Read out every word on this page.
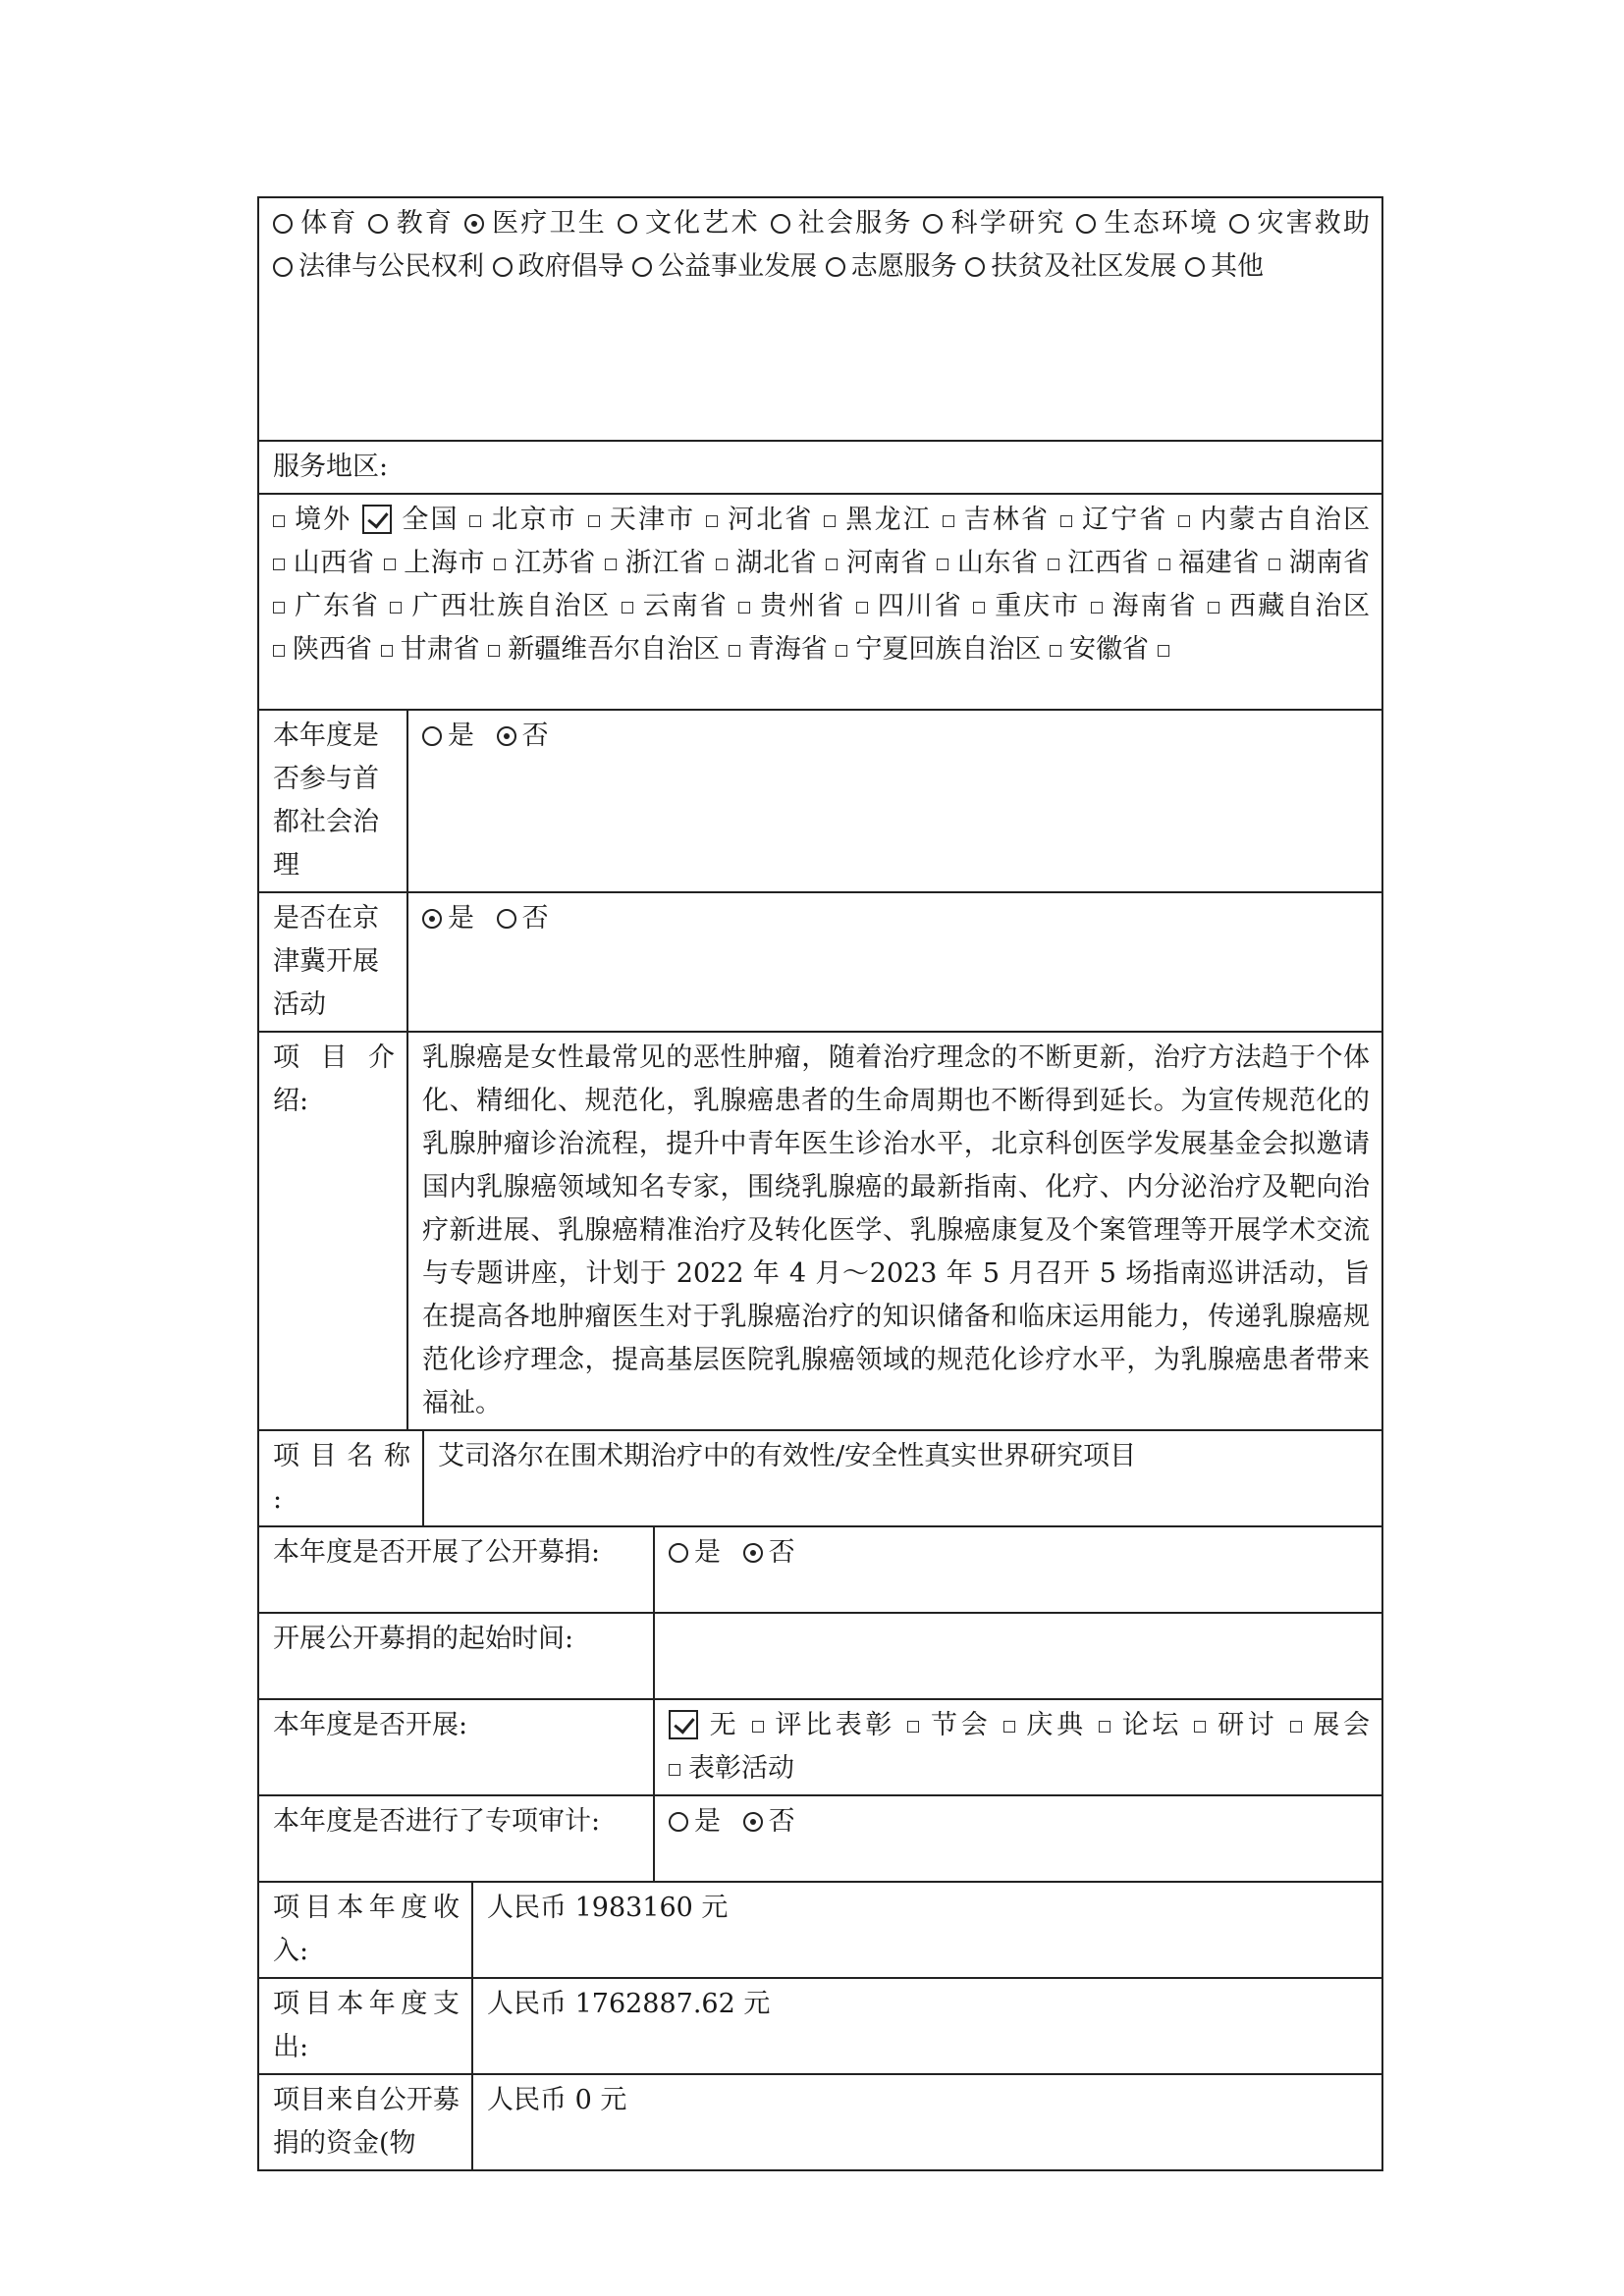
体育 教育 医疗卫生 文化艺术 社会服务 科学研究 生态环境 灾害救助 法律与公民权利 政府倡导 公益事业发展 志愿服务 扶贫及社区发展 其他				
服务地区:				
境外 全国 北京市 天津市 河北省 黑龙江 吉林省 辽宁省 内蒙古自治区 山西省 上海市 江苏省 浙江省 湖北省 河南省 山东省 江西省 福建省 湖南省 广东省 广西壮族自治区 云南省 贵州省 四川省 重庆市 海南省 西藏自治区 陕西省 甘肃省 新疆维吾尔自治区 青海省 宁夏回族自治区 安徽省				
本年度是否参与首都社会治理	是 否			
是否在京津冀开展活动	是 否			
项 目 介 绍:	乳腺癌是女性最常见的恶性肿瘤，随着治疗理念的不断更新，治疗方法趋于个体化、精细化、规范化，乳腺癌患者的生命周期也不断得到延长。为宣传规范化的乳腺肿瘤诊治流程，提升中青年医生诊治水平，北京科创医学发展基金会拟邀请国内乳腺癌领域知名专家，围绕乳腺癌的最新指南、化疗、内分泌治疗及靶向治疗新进展、乳腺癌精准治疗及转化医学、乳腺癌康复及个案管理等开展学术交流与专题讲座，计划于 2022 年 4 月～2023 年 5 月召开 5 场指南巡讲活动，旨在提高各地肿瘤医生对于乳腺癌治疗的知识储备和临床运用能力，传递乳腺癌规范化诊疗理念，提高基层医院乳腺癌领域的规范化诊疗水平，为乳腺癌患者带来福祉。			
项 目 名 称 :		艾司洛尔在围术期治疗中的有效性/安全性真实世界研究项目		
本年度是否开展了公开募捐:				是 否
开展公开募捐的起始时间:				
本年度是否开展:				无 评比表彰 节会 庆典 论坛 研讨 展会 表彰活动
本年度是否进行了专项审计:				是 否
项目本年度收入:			人民币 1983160 元	
项目本年度支出:			人民币 1762887.62 元	
项目来自公开募捐的资金(物			人民币 0 元	
